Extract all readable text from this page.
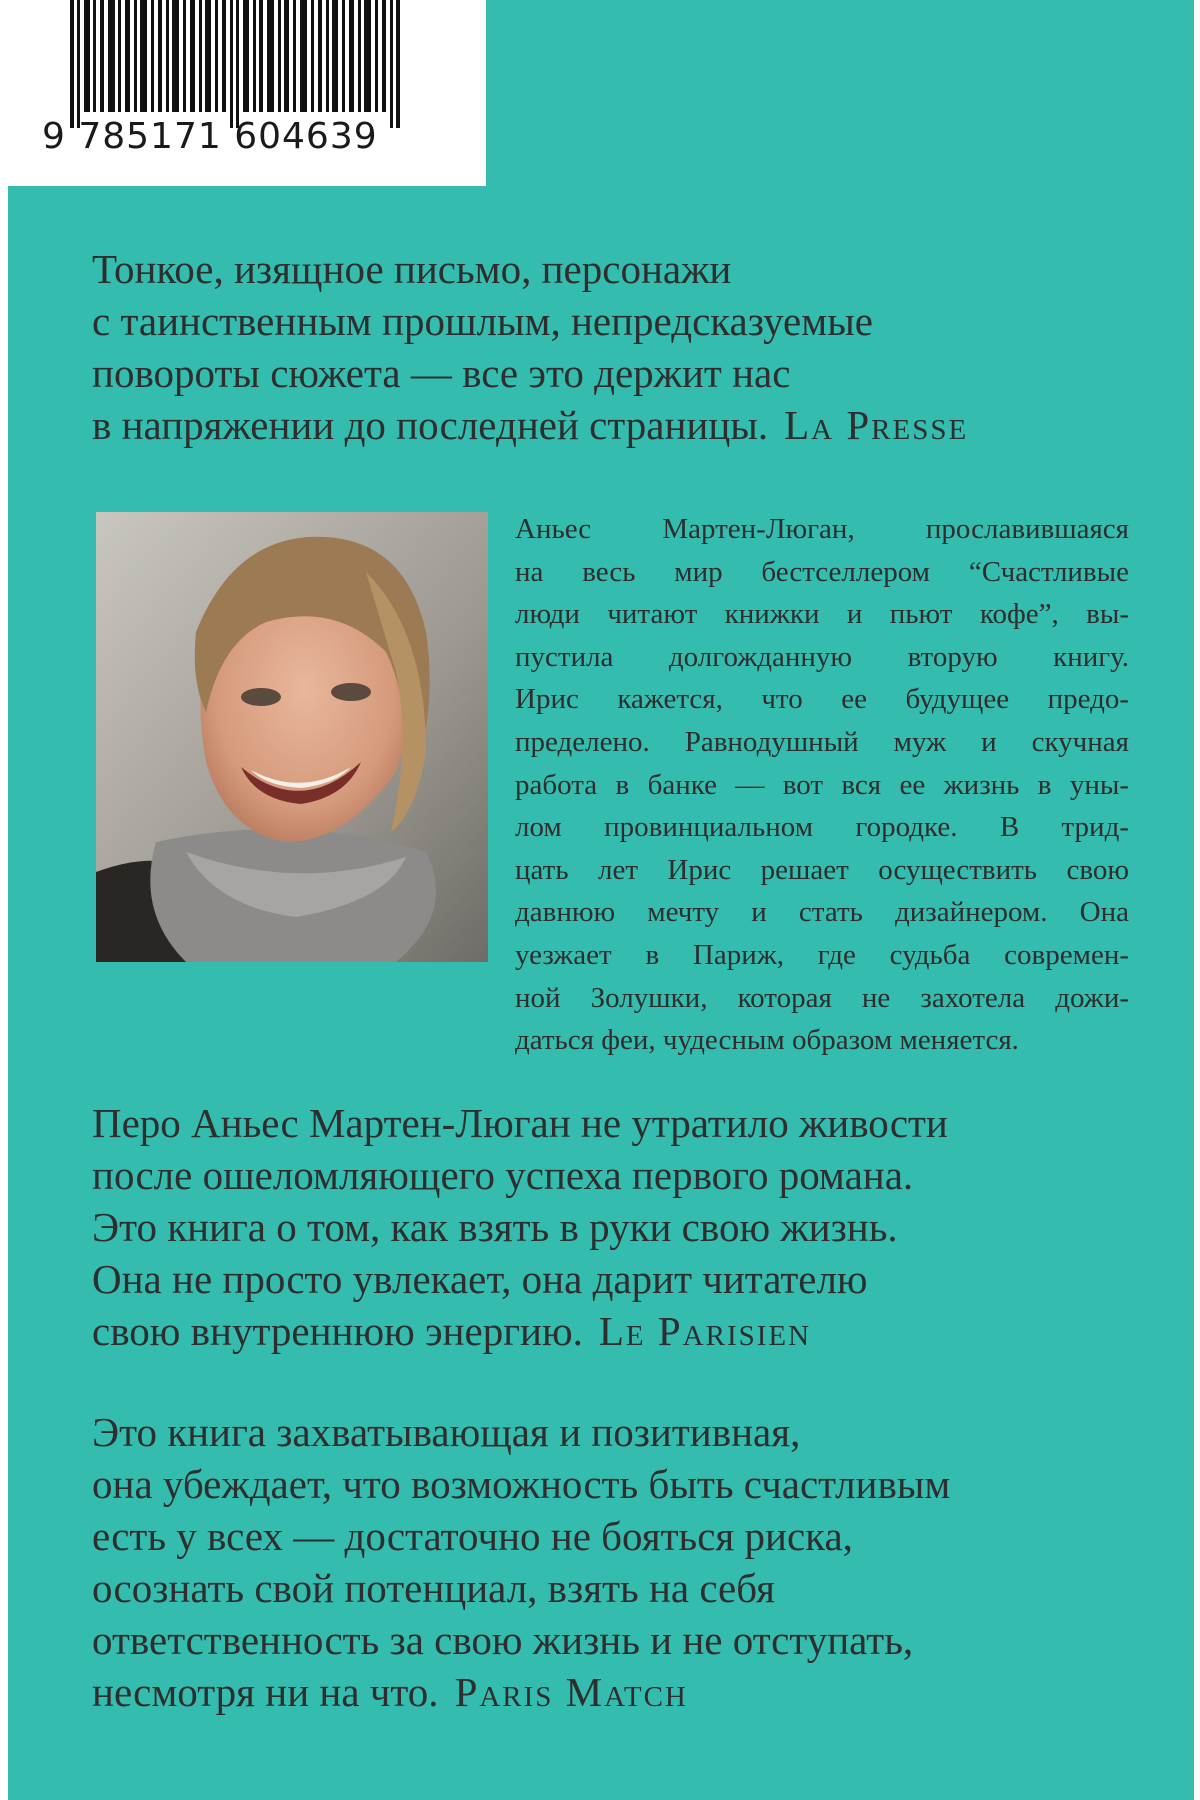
9 785171 604639
Тонкое, изящное письмо, персонажи
с таинственным прошлым, непредсказуемые
повороты сюжета — все это держит нас
в напряжении до последней страницы. La Presse
Аньес Мартен-Люган, прославившаяся
на весь мир бестселлером “Счастливые
люди читают книжки и пьют кофе”, вы-
пустила долгожданную вторую книгу.
Ирис кажется, что ее будущее предо-
пределено. Равнодушный муж и скучная
работа в банке — вот вся ее жизнь в уны-
лом провинциальном городке. В трид-
цать лет Ирис решает осуществить свою
давнюю мечту и стать дизайнером. Она
уезжает в Париж, где судьба современ-
ной Золушки, которая не захотела дожи-
даться феи, чудесным образом меняется.
Перо Аньес Мартен-Люган не утратило живости
после ошеломляющего успеха первого романа.
Это книга о том, как взять в руки свою жизнь.
Она не просто увлекает, она дарит читателю
свою внутреннюю энергию. Le Parisien
Это книга захватывающая и позитивная,
она убеждает, что возможность быть счастливым
есть у всех — достаточно не бояться риска,
осознать свой потенциал, взять на себя
ответственность за свою жизнь и не отступать,
несмотря ни на что. Paris Match
